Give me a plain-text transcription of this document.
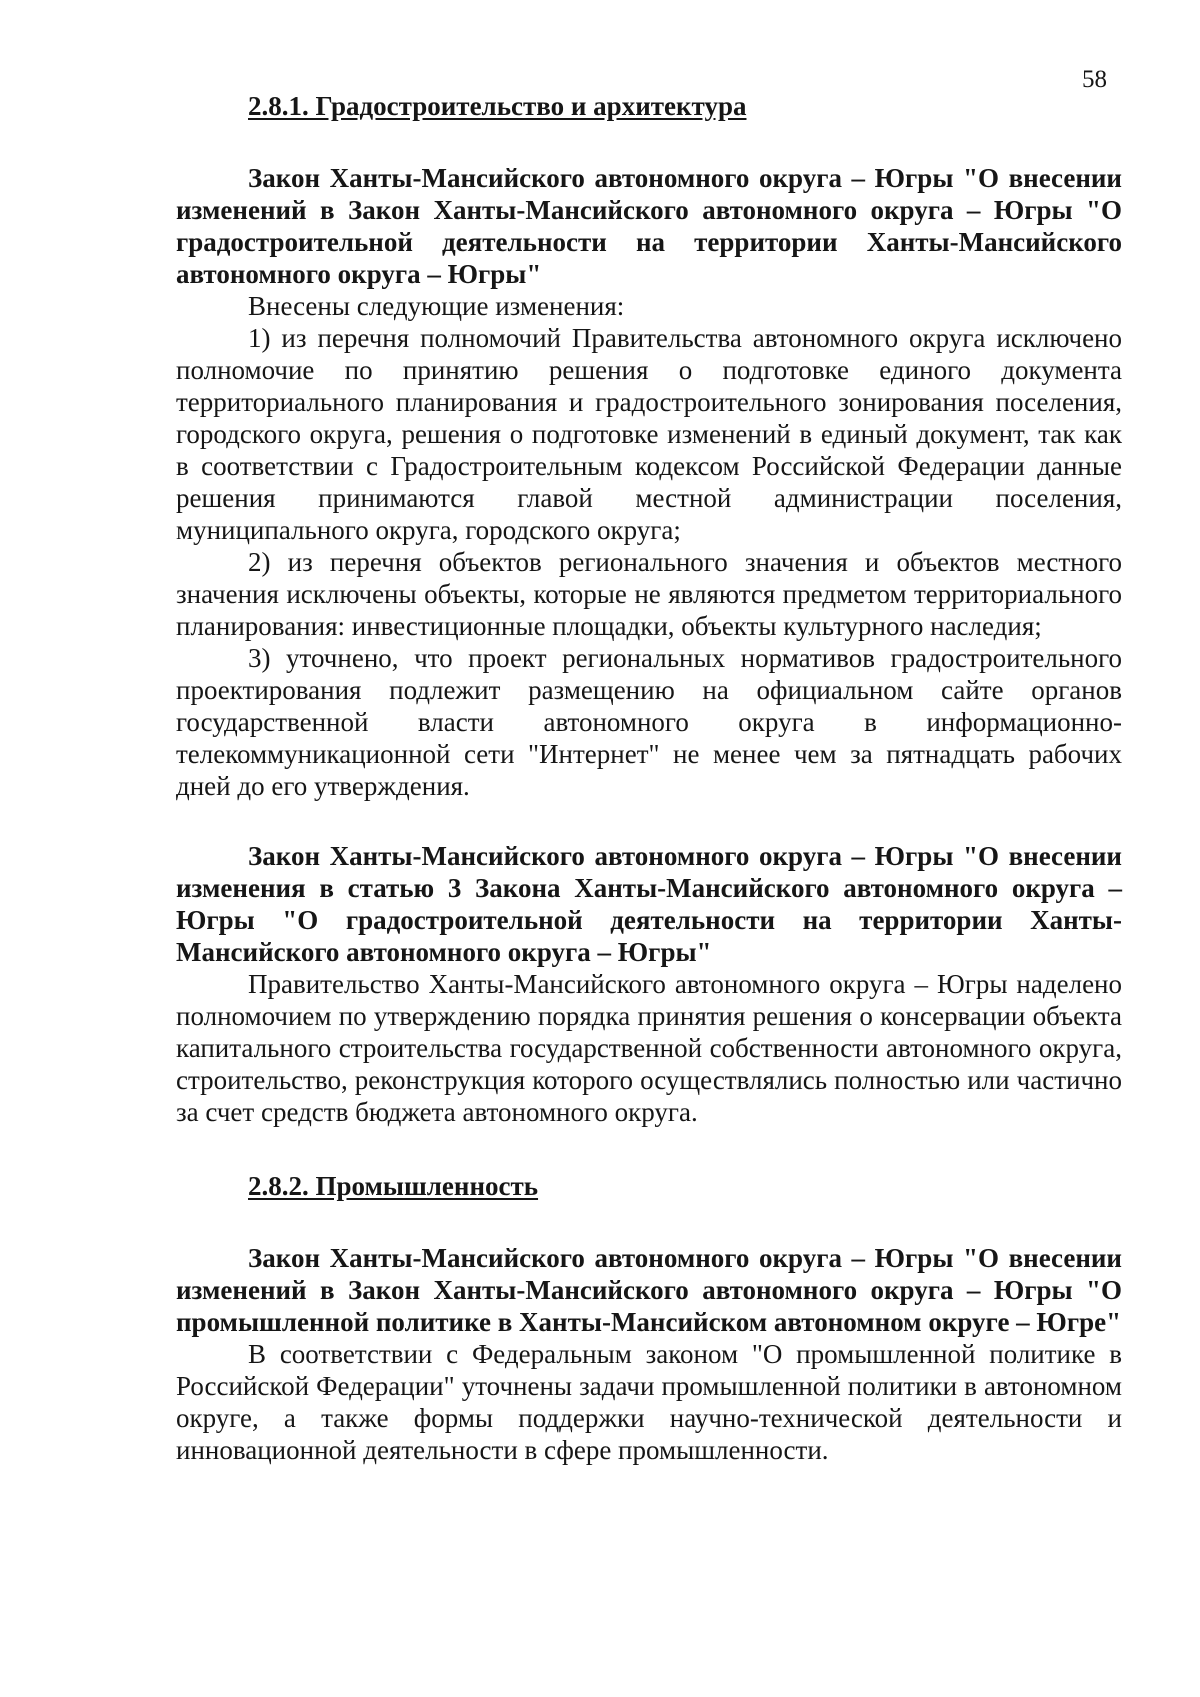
58

2.8.1. Градостроительство и архитектура

Закон Ханты-Мансийского автономного округа – Югры "О внесении изменений в Закон Ханты-Мансийского автономного округа – Югры "О градостроительной деятельности на территории Ханты-Мансийского автономного округа – Югры"

Внесены следующие изменения:

1) из перечня полномочий Правительства автономного округа исключено полномочие по принятию решения о подготовке единого документа территориального планирования и градостроительного зонирования поселения, городского округа, решения о подготовке изменений в единый документ, так как в соответствии с Градостроительным кодексом Российской Федерации данные решения принимаются главой местной администрации поселения, муниципального округа, городского округа;

2) из перечня объектов регионального значения и объектов местного значения исключены объекты, которые не являются предметом территориального планирования: инвестиционные площадки, объекты культурного наследия;

3) уточнено, что проект региональных нормативов градостроительного проектирования подлежит размещению на официальном сайте органов государственной власти автономного округа в информационно-телекоммуникационной сети "Интернет" не менее чем за пятнадцать рабочих дней до его утверждения.

Закон Ханты-Мансийского автономного округа – Югры "О внесении изменения в статью 3 Закона Ханты-Мансийского автономного округа – Югры "О градостроительной деятельности на территории Ханты-Мансийского автономного округа – Югры"

Правительство Ханты-Мансийского автономного округа – Югры наделено полномочием по утверждению порядка принятия решения о консервации объекта капитального строительства государственной собственности автономного округа, строительство, реконструкция которого осуществлялись полностью или частично за счет средств бюджета автономного округа.

2.8.2. Промышленность

Закон Ханты-Мансийского автономного округа – Югры "О внесении изменений в Закон Ханты-Мансийского автономного округа – Югры "О промышленной политике в Ханты-Мансийском автономном округе – Югре"

В соответствии с Федеральным законом "О промышленной политике в Российской Федерации" уточнены задачи промышленной политики в автономном округе, а также формы поддержки научно-технической деятельности и инновационной деятельности в сфере промышленности.
